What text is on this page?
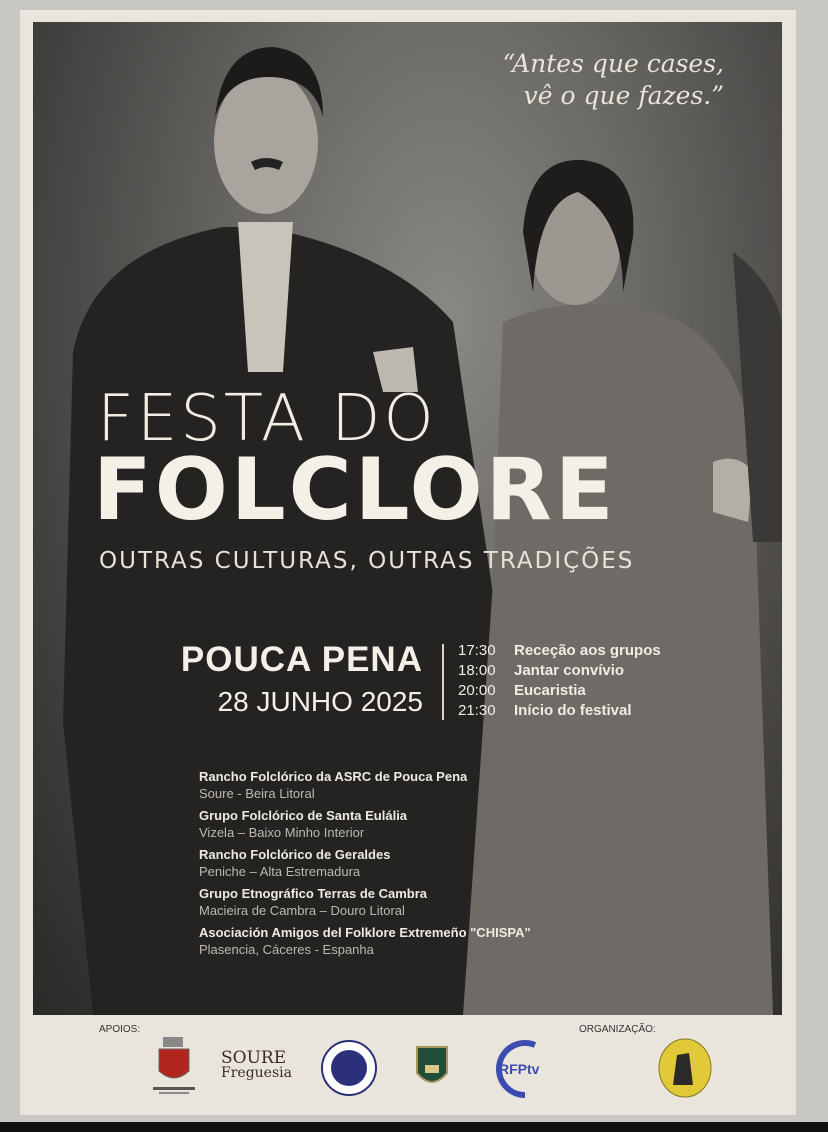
“Antes que cases,
vê o que fazes.”
FESTA DO
FOLCLORE
OUTRAS CULTURAS, OUTRAS TRADIÇÕES
POUCA PENA
28 JUNHO 2025
17:30 Receção aos grupos
18:00 Jantar convívio
20:00 Eucaristia
21:30 Início do festival
Rancho Folclórico da ASRC de Pouca Pena
Soure - Beira Litoral
Grupo Folclórico de Santa Eulália
Vizela – Baixo Minho Interior
Rancho Folclórico de Geraldes
Peniche – Alta Estremadura
Grupo Etnográfico Terras de Cambra
Macieira de Cambra – Douro Litoral
Asociación Amigos del Folklore Extremeño "CHISPA"
Plasencia, Cáceres - Espanha
APOIOS:	ORGANIZAÇÃO:
SOURE
Freguesia	RFPtv
